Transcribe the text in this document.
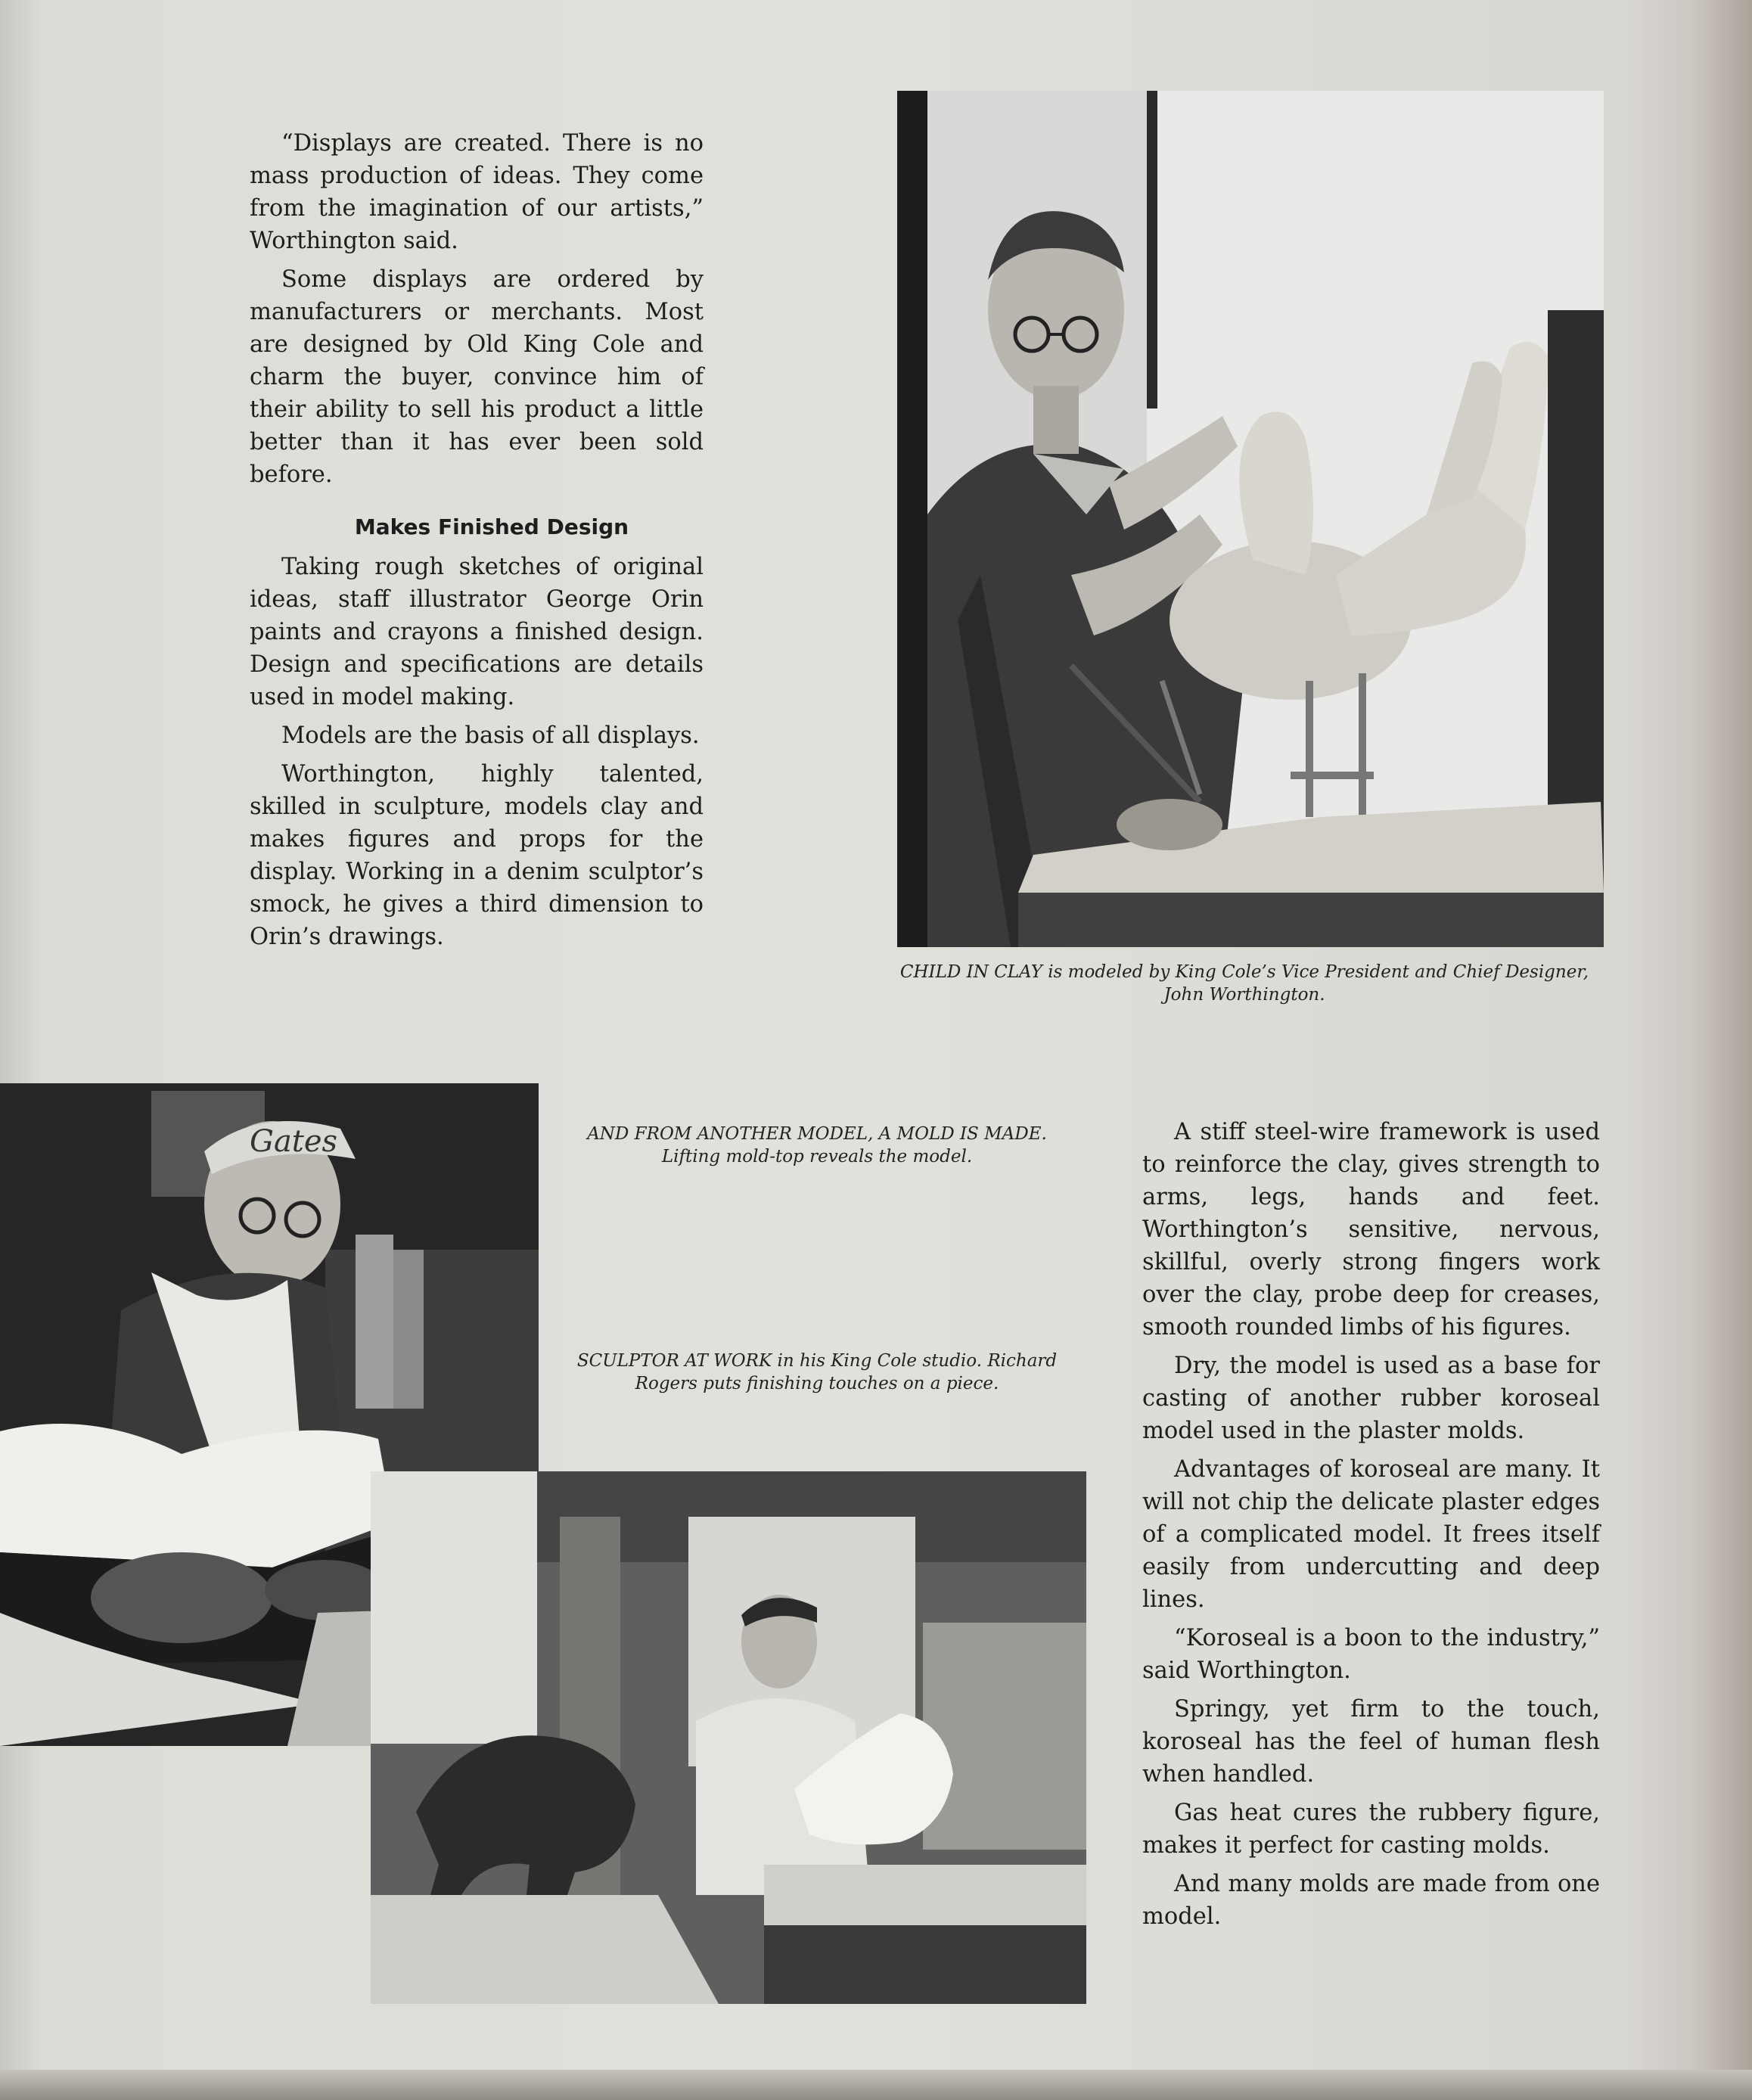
“Displays are created. There is no mass production of ideas. They come from the imagination of our artists,” Worthington said.

Some displays are ordered by manufacturers or merchants. Most are designed by Old King Cole and charm the buyer, convince him of their ability to sell his product a little better than it has ever been sold before.

Makes Finished Design

Taking rough sketches of original ideas, staff illustrator George Orin paints and crayons a finished design. Design and specifications are details used in model making.

Models are the basis of all displays.

Worthington, highly talented, skilled in sculpture, models clay and makes figures and props for the display. Working in a denim sculptor’s smock, he gives a third dimension to Orin’s drawings.

CHILD IN CLAY is modeled by King Cole’s Vice President and Chief Designer, John Worthington.
Gates	AND FROM ANOTHER MODEL, A MOLD IS MADE. Lifting mold-top reveals the model.
SCULPTOR AT WORK in his King Cole studio. Richard Rogers puts finishing touches on a piece.

A stiff steel-wire framework is used to reinforce the clay, gives strength to arms, legs, hands and feet. Worthington’s sensitive, nervous, skillful, overly strong fingers work over the clay, probe deep for creases, smooth rounded limbs of his figures.

Dry, the model is used as a base for casting of another rubber koroseal model used in the plaster molds.

Advantages of koroseal are many. It will not chip the delicate plaster edges of a complicated model. It frees itself easily from undercutting and deep lines.

“Koroseal is a boon to the industry,” said Worthington.

Springy, yet firm to the touch, koroseal has the feel of human flesh when handled.

Gas heat cures the rubbery figure, makes it perfect for casting molds.

And many molds are made from one model.
